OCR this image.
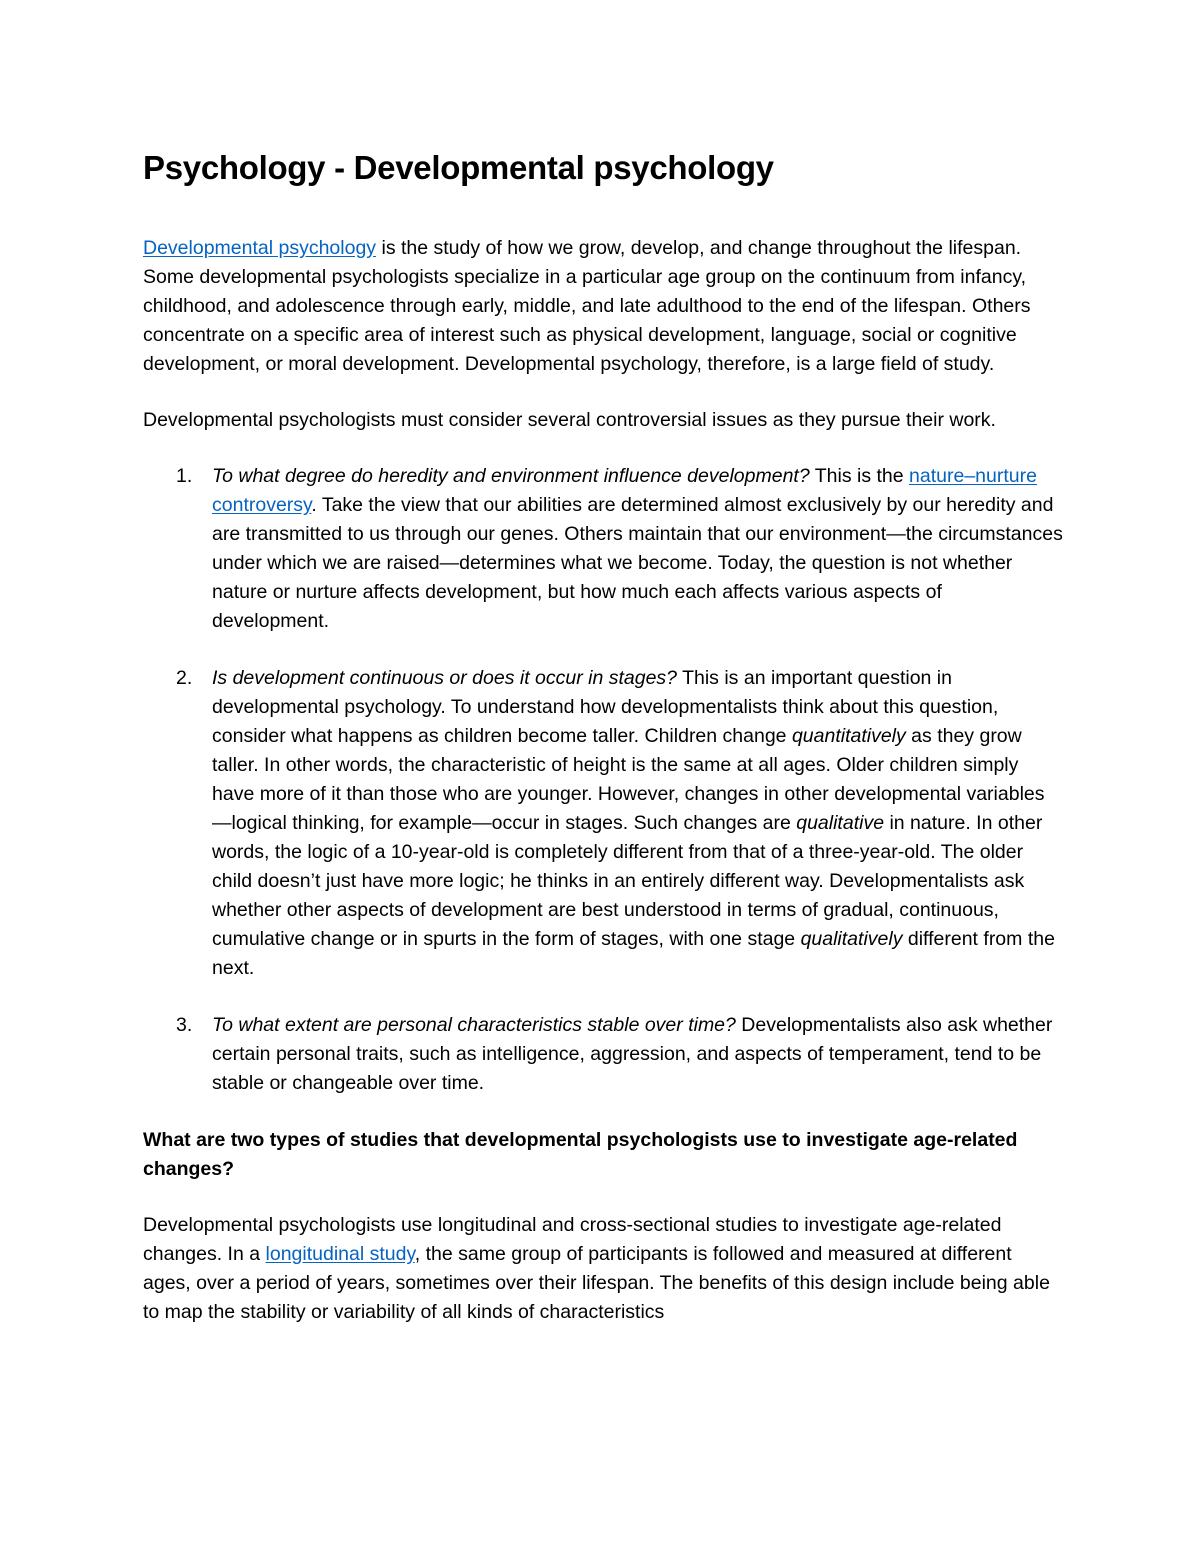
Psychology - Developmental psychology

Developmental psychology is the study of how we grow, develop, and change throughout the lifespan. Some developmental psychologists specialize in a particular age group on the continuum from infancy, childhood, and adolescence through early, middle, and late adulthood to the end of the lifespan. Others concentrate on a specific area of interest such as physical development, language, social or cognitive development, or moral development. Developmental psychology, therefore, is a large field of study.

Developmental psychologists must consider several controversial issues as they pursue their work.

1. To what degree do heredity and environment influence development? This is the nature–nurture controversy. Take the view that our abilities are determined almost exclusively by our heredity and are transmitted to us through our genes. Others maintain that our environment—the circumstances under which we are raised—determines what we become. Today, the question is not whether nature or nurture affects development, but how much each affects various aspects of development.
2. Is development continuous or does it occur in stages? This is an important question in developmental psychology. To understand how developmentalists think about this question, consider what happens as children become taller. Children change quantitatively as they grow taller. In other words, the characteristic of height is the same at all ages. Older children simply have more of it than those who are younger. However, changes in other developmental variables—logical thinking, for example—occur in stages. Such changes are qualitative in nature. In other words, the logic of a 10-year-old is completely different from that of a three-year-old. The older child doesn’t just have more logic; he thinks in an entirely different way. Developmentalists ask whether other aspects of development are best understood in terms of gradual, continuous, cumulative change or in spurts in the form of stages, with one stage qualitatively different from the next.
3. To what extent are personal characteristics stable over time? Developmentalists also ask whether certain personal traits, such as intelligence, aggression, and aspects of temperament, tend to be stable or changeable over time.

What are two types of studies that developmental psychologists use to investigate age-related changes?

Developmental psychologists use longitudinal and cross-sectional studies to investigate age-related changes. In a longitudinal study, the same group of participants is followed and measured at different ages, over a period of years, sometimes over their lifespan. The benefits of this design include being able to map the stability or variability of all kinds of characteristics
